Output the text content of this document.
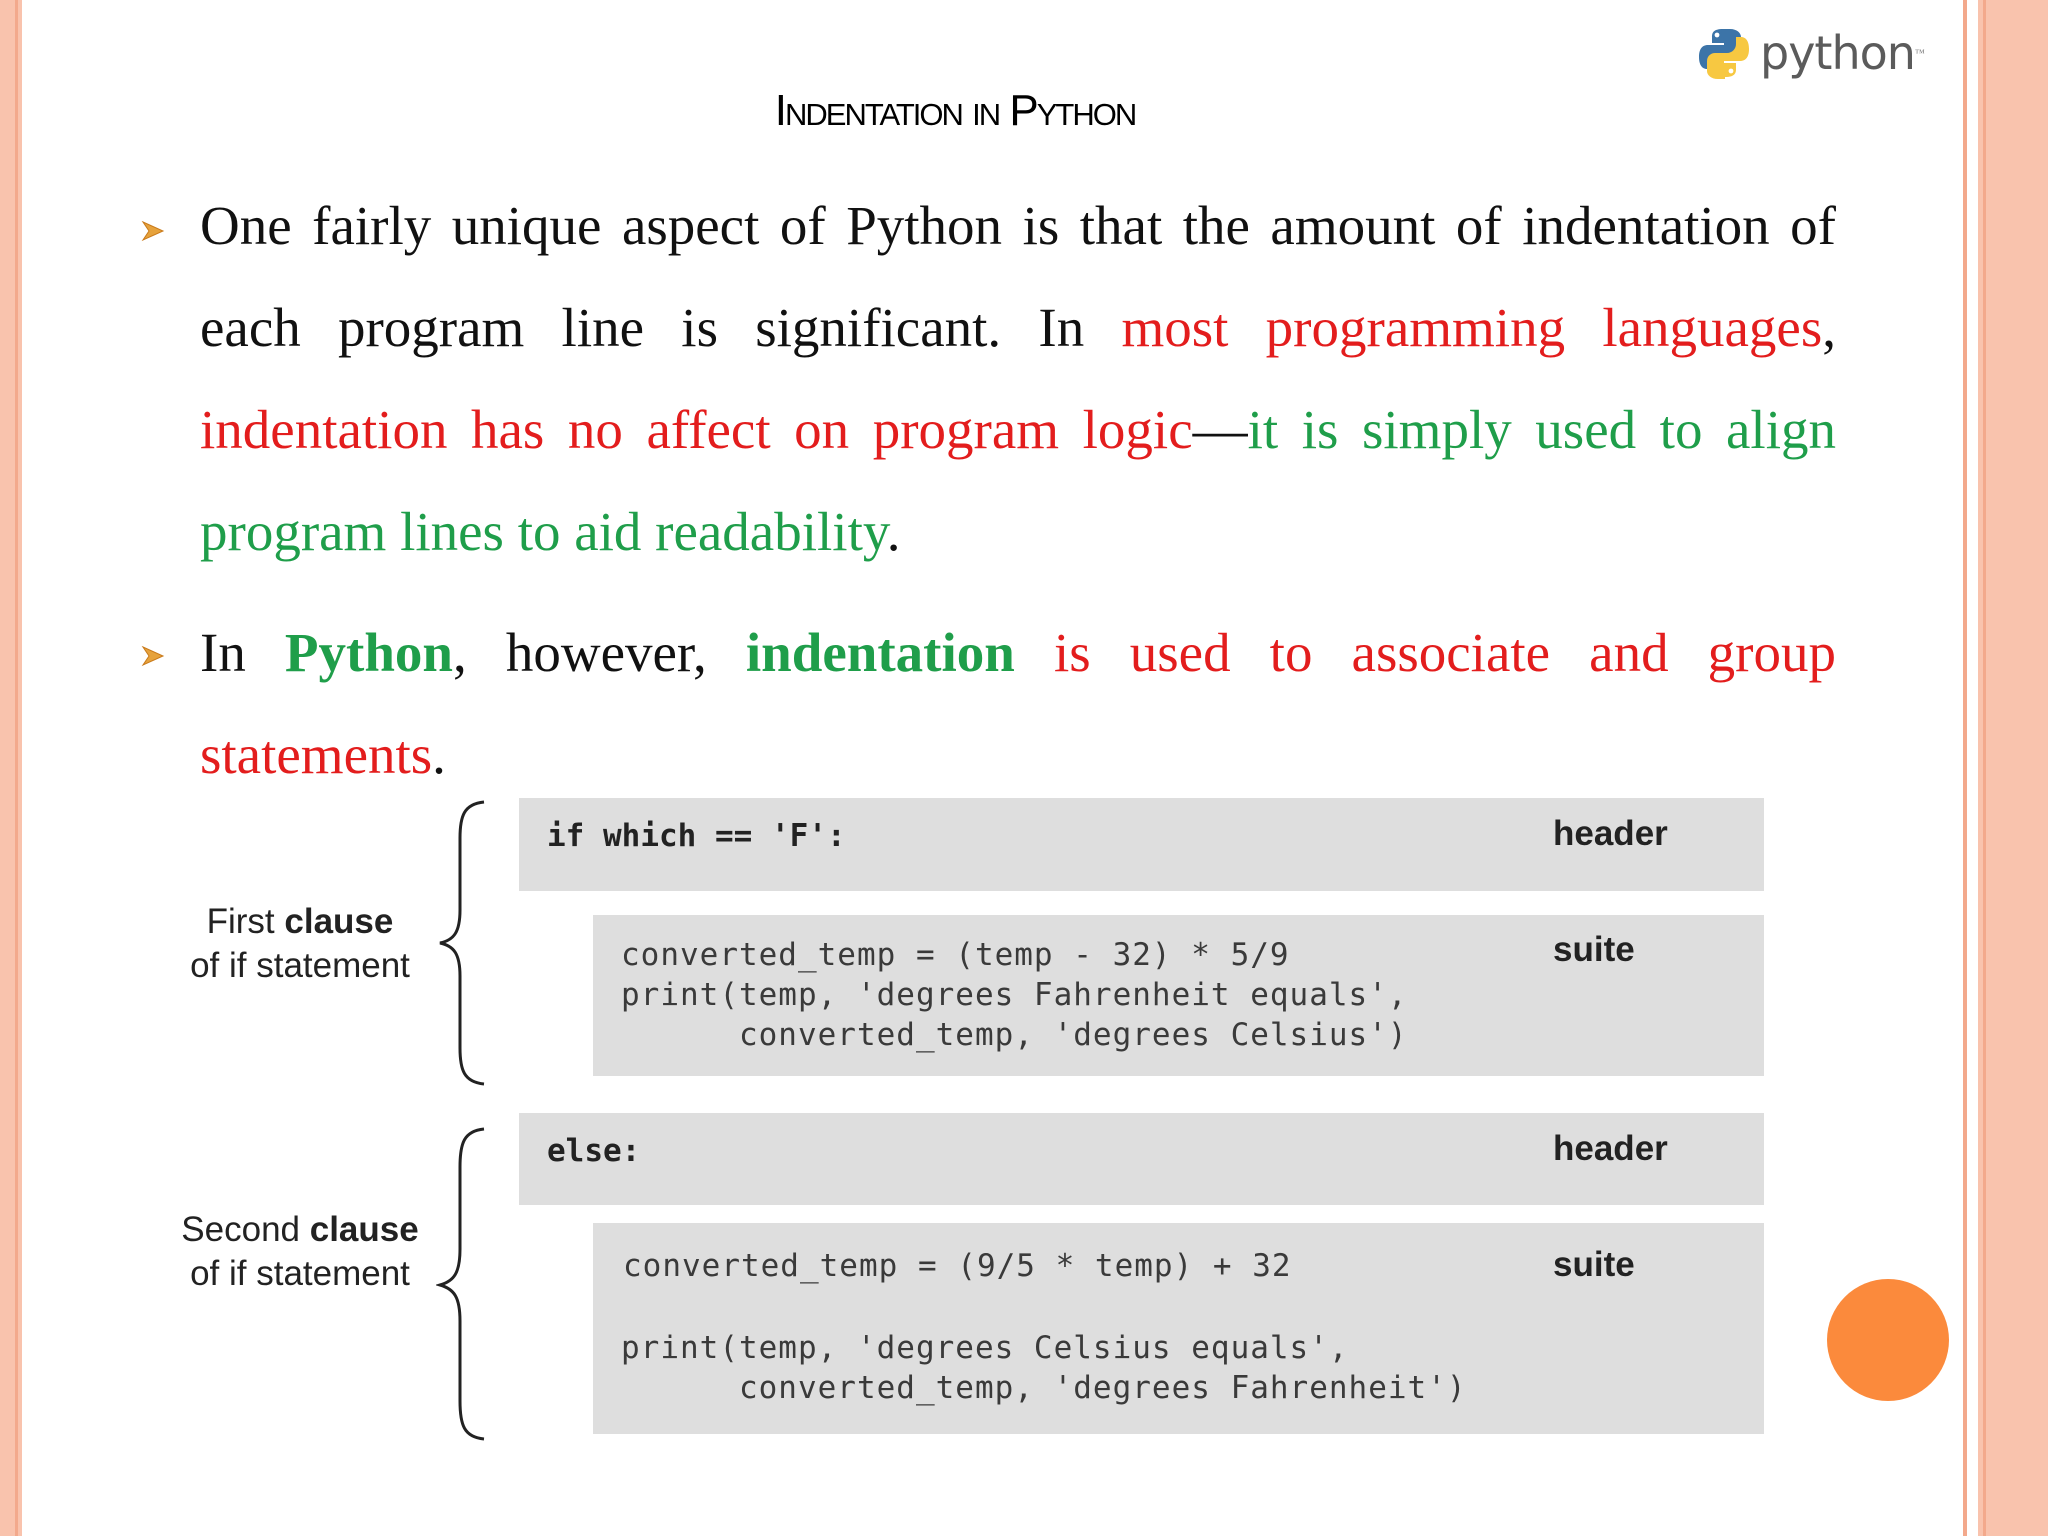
python ™
Indentation in Python
One fairly unique aspect of Python is that the amount of indentation of each program line is significant. In most programming languages, indentation has no affect on program logic—it is simply used to align program lines to aid readability.
In Python, however, indentation is used to associate and group statements.
First clause
of if statement
Second clause
of if statement
if which == 'F':	header
converted_temp = (temp - 32) * 5/9
print(temp, 'degrees Fahrenheit equals',
converted_temp, 'degrees Celsius')
suite
else:	header
converted_temp = (9/5 * temp) + 32
print(temp, 'degrees Celsius equals',
converted_temp, 'degrees Fahrenheit')
suite
